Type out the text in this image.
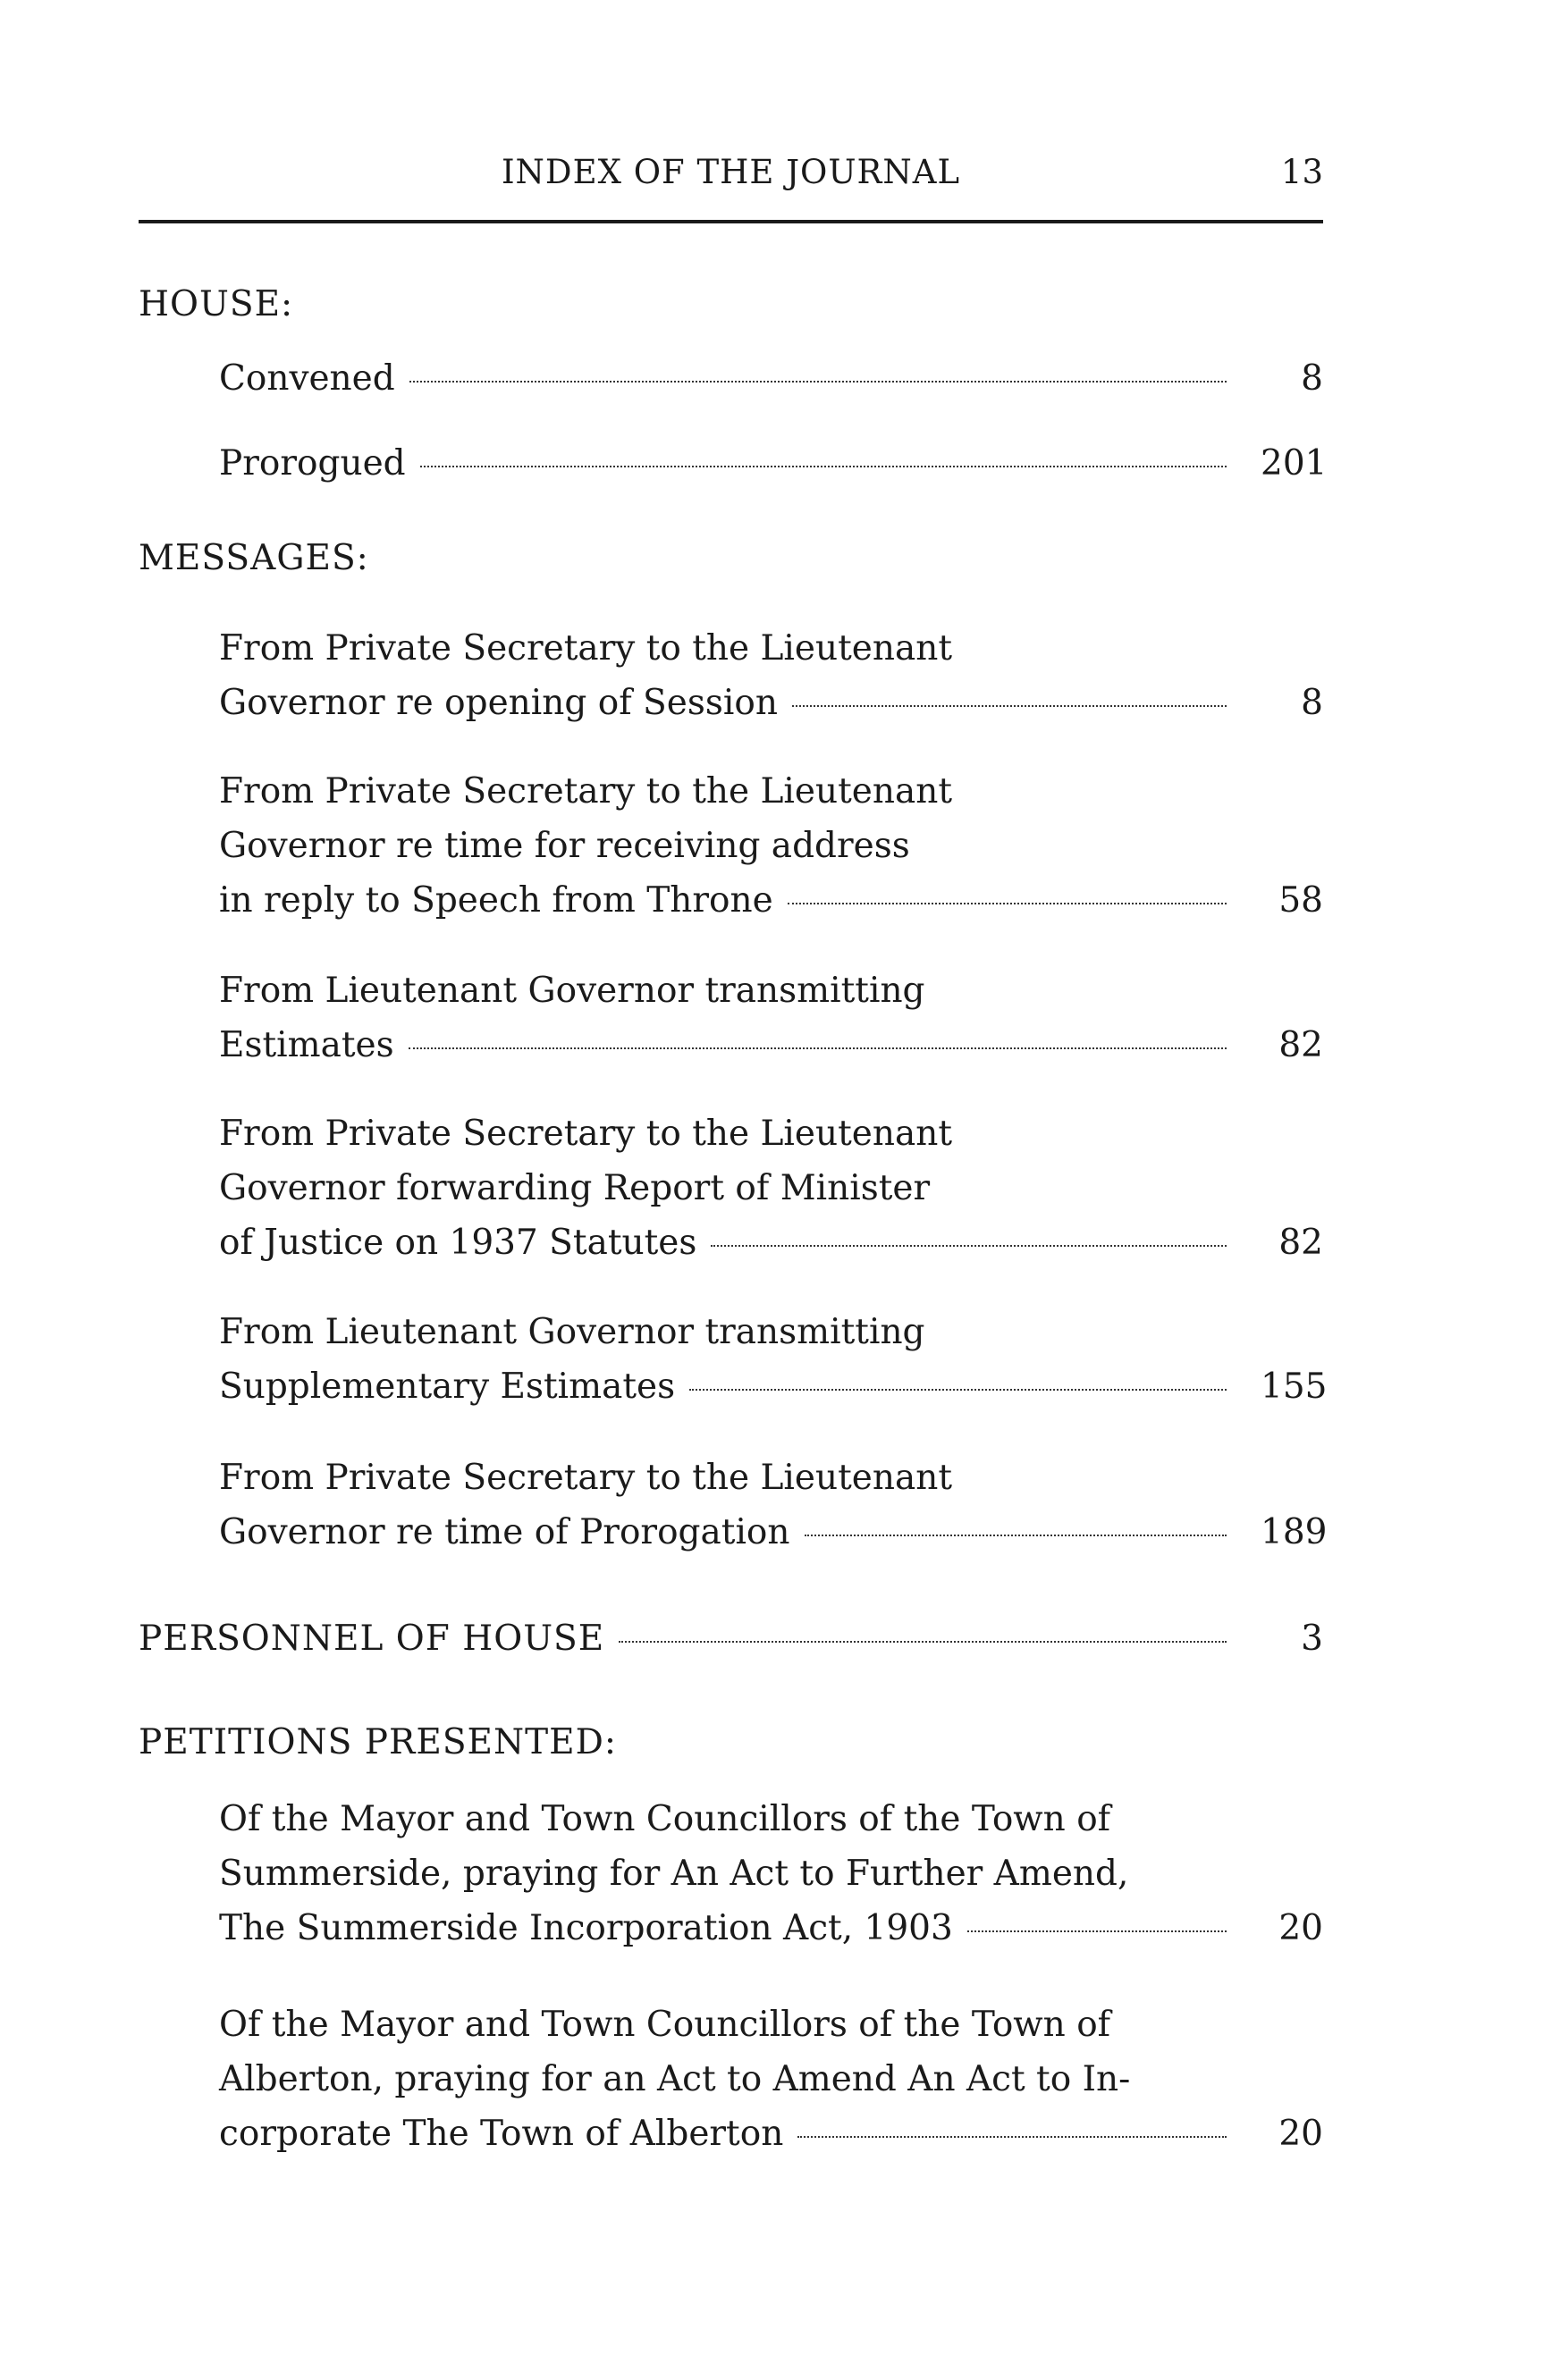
INDEX OF THE JOURNAL	13
HOUSE:
Convened	8
Prorogued	201
MESSAGES:
From Private Secretary to the Lieutenant
Governor re opening of Session	8
From Private Secretary to the Lieutenant
Governor re time for receiving address
in reply to Speech from Throne	58
From Lieutenant Governor transmitting
Estimates	82
From Private Secretary to the Lieutenant
Governor forwarding Report of Minister
of Justice on 1937 Statutes	82
From Lieutenant Governor transmitting
Supplementary Estimates	155
From Private Secretary to the Lieutenant
Governor re time of Prorogation	189
PERSONNEL OF HOUSE	3
PETITIONS PRESENTED:
Of the Mayor and Town Councillors of the Town of
Summerside, praying for An Act to Further Amend,
The Summerside Incorporation Act, 1903	20
Of the Mayor and Town Councillors of the Town of
Alberton, praying for an Act to Amend An Act to In-
corporate The Town of Alberton	20
